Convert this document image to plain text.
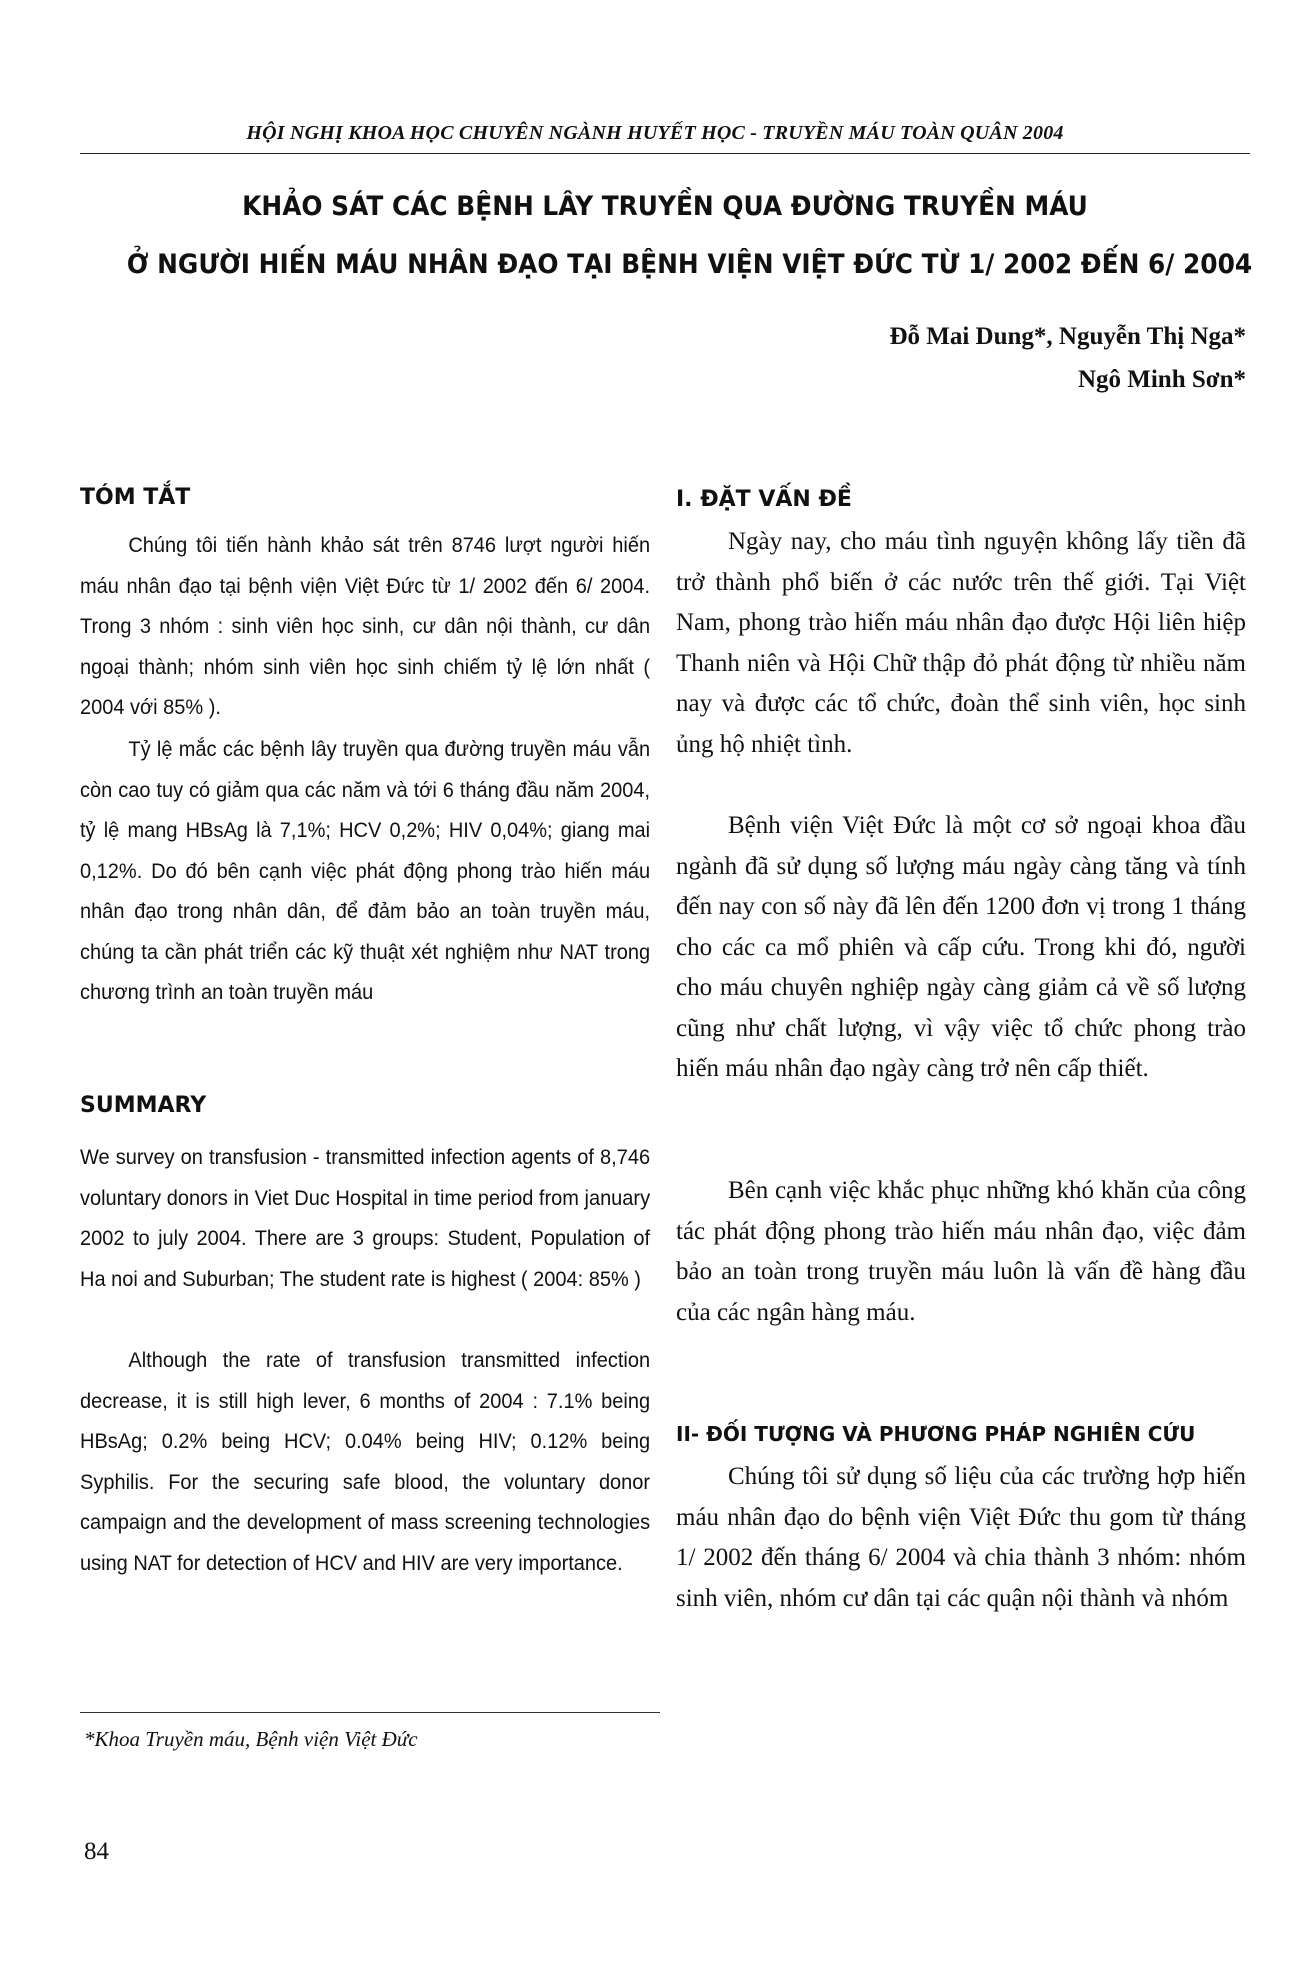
HỘI NGHỊ KHOA HỌC CHUYÊN NGÀNH HUYẾT HỌC - TRUYỀN MÁU TOÀN QUÂN 2004
KHẢO SÁT CÁC BỆNH LÂY TRUYỀN QUA ĐƯỜNG TRUYỀN MÁU
Ở NGƯỜI HIẾN MÁU NHÂN ĐẠO TẠI BỆNH VIỆN VIỆT ĐỨC TỪ 1/ 2002 ĐẾN 6/ 2004
Đỗ Mai Dung*, Nguyễn Thị Nga*
Ngô Minh Sơn*
TÓM TẮT
Chúng tôi tiến hành khảo sát trên 8746 lượt người hiến máu nhân đạo tại bệnh viện Việt Đức từ 1/ 2002 đến 6/ 2004. Trong 3 nhóm : sinh viên học sinh, cư dân nội thành, cư dân ngoại thành; nhóm sinh viên học sinh chiếm tỷ lệ lớn nhất ( 2004 với 85% ).
Tỷ lệ mắc các bệnh lây truyền qua đường truyền máu vẫn còn cao tuy có giảm qua các năm và tới 6 tháng đầu năm 2004, tỷ lệ mang HBsAg là 7,1%; HCV 0,2%; HIV 0,04%; giang mai 0,12%. Do đó bên cạnh việc phát động phong trào hiến máu nhân đạo trong nhân dân, để đảm bảo an toàn truyền máu, chúng ta cần phát triển các kỹ thuật xét nghiệm như NAT trong chương trình an toàn truyền máu
SUMMARY
We survey on transfusion - transmitted infection agents of 8,746 voluntary donors in Viet Duc Hospital in time period from january 2002 to july 2004. There are 3 groups: Student, Population of Ha noi and Suburban; The student rate is highest ( 2004: 85% )
Although the rate of transfusion transmitted infection decrease, it is still high lever, 6 months of 2004 : 7.1% being HBsAg; 0.2% being HCV; 0.04% being HIV; 0.12% being Syphilis. For the securing safe blood, the voluntary donor campaign and the development of mass screening technologies using NAT for detection of HCV and HIV are very importance.
I. ĐẶT VẤN ĐỀ
Ngày nay, cho máu tình nguyện không lấy tiền đã trở thành phổ biến ở các nước trên thế giới. Tại Việt Nam, phong trào hiến máu nhân đạo được Hội liên hiệp Thanh niên và Hội Chữ thập đỏ phát động từ nhiều năm nay và được các tổ chức, đoàn thể sinh viên, học sinh ủng hộ nhiệt tình.
Bệnh viện Việt Đức là một cơ sở ngoại khoa đầu ngành đã sử dụng số lượng máu ngày càng tăng và tính đến nay con số này đã lên đến 1200 đơn vị trong 1 tháng cho các ca mổ phiên và cấp cứu. Trong khi đó, người cho máu chuyên nghiệp ngày càng giảm cả về số lượng cũng như chất lượng, vì vậy việc tổ chức phong trào hiến máu nhân đạo ngày càng trở nên cấp thiết.
Bên cạnh việc khắc phục những khó khăn của công tác phát động phong trào hiến máu nhân đạo, việc đảm bảo an toàn trong truyền máu luôn là vấn đề hàng đầu của các ngân hàng máu.
II- ĐỐI TƯỢNG VÀ PHƯƠNG PHÁP NGHIÊN CỨU
Chúng tôi sử dụng số liệu của các trường hợp hiến máu nhân đạo do bệnh viện Việt Đức thu gom từ tháng 1/ 2002 đến tháng 6/ 2004 và chia thành 3 nhóm: nhóm sinh viên, nhóm cư dân tại các quận nội thành và nhóm
*Khoa Truyền máu, Bệnh viện Việt Đức
84
